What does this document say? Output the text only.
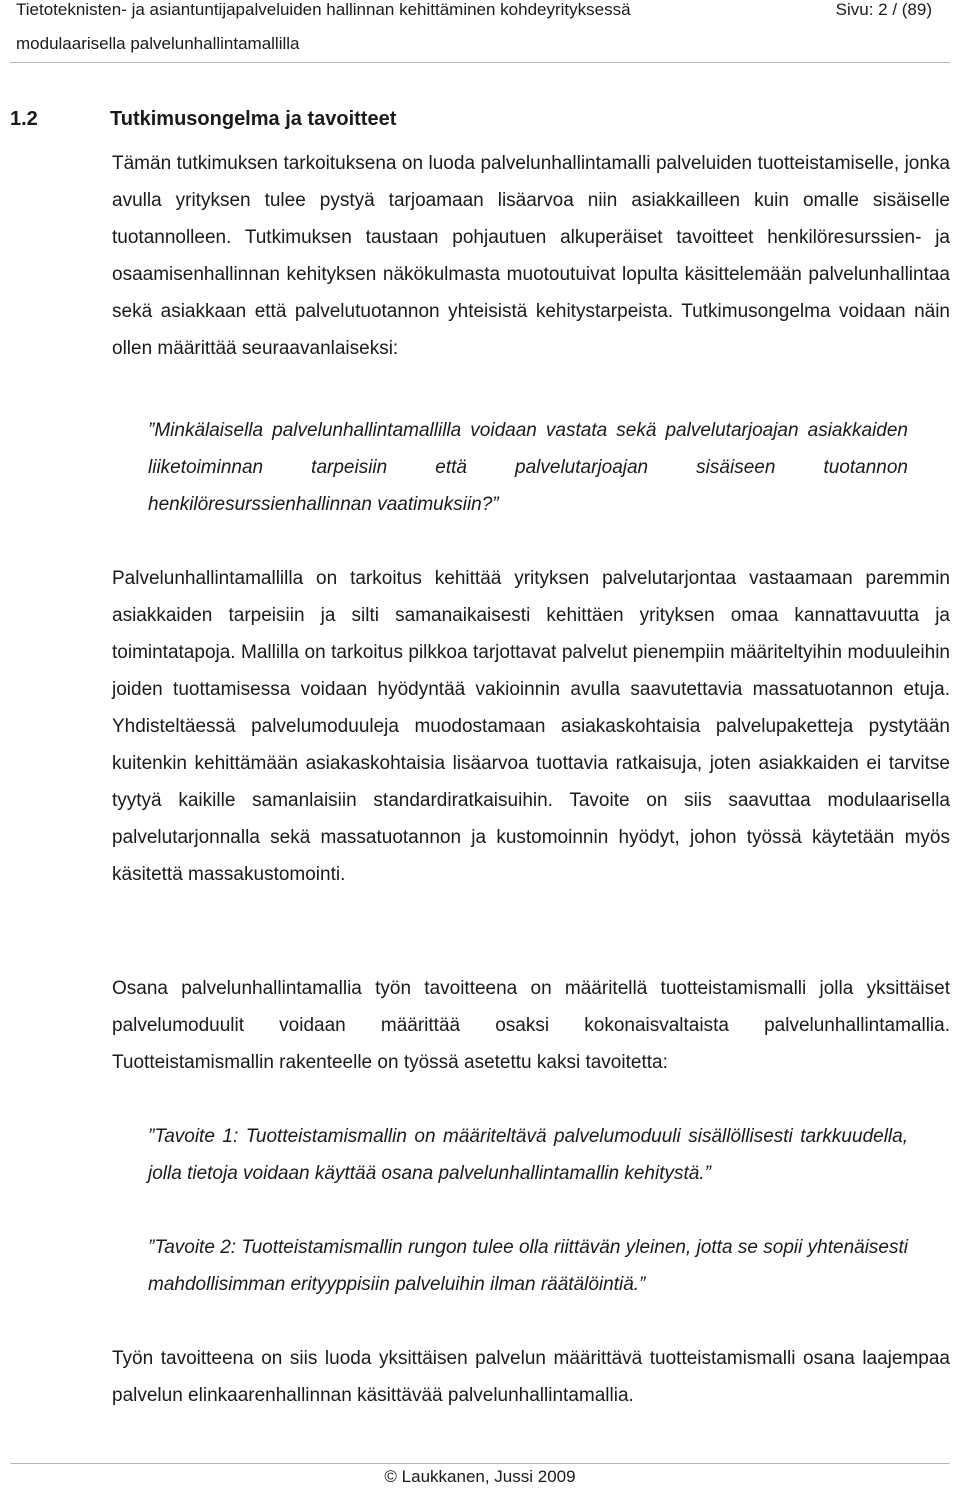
Tietoteknisten- ja asiantuntijapalveluiden hallinnan kehittäminen kohdeyrityksessä
modulaarisella palvelunhallintamallilla
Sivu: 2 / (89)
1.2	Tutkimusongelma ja tavoitteet

Tämän tutkimuksen tarkoituksena on luoda palvelunhallintamalli palveluiden tuotteistamiselle, jonka avulla yrityksen tulee pystyä tarjoamaan lisäarvoa niin asiakkailleen kuin omalle sisäiselle tuotannolleen. Tutkimuksen taustaan pohjautuen alkuperäiset tavoitteet henkilöresurssien- ja osaamisenhallinnan kehityksen näkökulmasta muotoutuivat lopulta käsittelemään palvelunhallintaa sekä asiakkaan että palvelutuotannon yhteisistä kehitystarpeista. Tutkimusongelma voidaan näin ollen määrittää seuraavanlaiseksi:

”Minkälaisella palvelunhallintamallilla voidaan vastata sekä palvelutarjoajan asiakkaiden liiketoiminnan tarpeisiin että palvelutarjoajan sisäiseen tuotannon henkilöresurssienhallinnan vaatimuksiin?”

Palvelunhallintamallilla on tarkoitus kehittää yrityksen palvelutarjontaa vastaamaan paremmin asiakkaiden tarpeisiin ja silti samanaikaisesti kehittäen yrityksen omaa kannattavuutta ja toimintatapoja. Mallilla on tarkoitus pilkkoa tarjottavat palvelut pienempiin määriteltyihin moduuleihin joiden tuottamisessa voidaan hyödyntää vakioinnin avulla saavutettavia massatuotannon etuja. Yhdisteltäessä palvelumoduuleja muodostamaan asiakaskohtaisia palvelupaketteja pystytään kuitenkin kehittämään asiakaskohtaisia lisäarvoa tuottavia ratkaisuja, joten asiakkaiden ei tarvitse tyytyä kaikille samanlaisiin standardiratkaisuihin. Tavoite on siis saavuttaa modulaarisella palvelutarjonnalla sekä massatuotannon ja kustomoinnin hyödyt, johon työssä käytetään myös käsitettä massakustomointi.

Osana palvelunhallintamallia työn tavoitteena on määritellä tuotteistamismalli jolla yksittäiset palvelumoduulit voidaan määrittää osaksi kokonaisvaltaista palvelunhallintamallia. Tuotteistamismallin rakenteelle on työssä asetettu kaksi tavoitetta:

”Tavoite 1: Tuotteistamismallin on määriteltävä palvelumoduuli sisällöllisesti tarkkuudella, jolla tietoja voidaan käyttää osana palvelunhallintamallin kehitystä.”

”Tavoite 2: Tuotteistamismallin rungon tulee olla riittävän yleinen, jotta se sopii yhtenäisesti mahdollisimman erityyppisiin palveluihin ilman räätälöintiä.”

Työn tavoitteena on siis luoda yksittäisen palvelun määrittävä tuotteistamismalli osana laajempaa palvelun elinkaarenhallinnan käsittävää palvelunhallintamallia.

© Laukkanen, Jussi 2009
